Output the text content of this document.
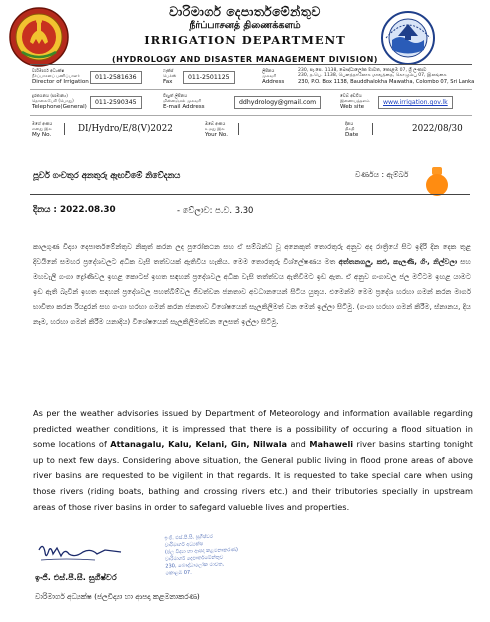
වාරිමාර්ග දෙපාර්තමේන්තුව
நீர்ப்பாசனத் திணைக்களம்
IRRIGATION DEPARTMENT
(HYDROLOGY AND DISASTER MANAGEMENT DIVISION)
වාරිමාර්ග අධ්‍යක්ෂ
நீர்ப்பாசனப் பணிப்பாளர்
Director of Irrigation
011-2581636
ෆැක්ස්
பெக்ஸ்
Fax
011-2501125
ලිපිනය
முகவரி
Address
230, පැ.පෙ. 1138, බෞද්ධාලෝක මාවත, කොළඹ 07, ශ්‍රී ලංකාව
230, த.பெ. 1138, பௌத்தாலோக மாவத்தை, கொழும்பு 07, இலங்கை
230, P.O. Box 1138, Bauddhalokha Mawatha, Colombo 07, Sri Lanka
දුරකථනය (සාමාන්‍ය)
தொலைபேசி (பொது)
Telephone(General)
011-2590345
විද්‍යුත් ලිපිනය
மின்னஞ்சல் முகவரி
E-mail Address
ddhydrology@gmail.com
වෙබ් අඩවිය
இணையத்தளம்
Web site
www.irrigation.gov.lk
මගේ අංකය
எனது இல
My No.
DI/Hydro/E/8(V)2022
ඔබේ අංකය
உமது இல
Your No.
දිනය
திகதி
Date
2022/08/30
පූර්ව ගංවතුර අනතුරු ඇඟවීමේ නිවේදනය	වර්ණය : ඇම්බර්
දිනය : 2022.08.30	- වේලාව: ප.ව. 3.30
කාලගුණ විද්‍යා දෙපාර්තමේන්තුව නිකුත් කරන ලද පුරෝකථන සහ ඒ සම්බන්ධ වූ අනෙකුත් තොරතුරු අනුව අද රාත්‍රියේ සිට ඉදිරි දින දෙක තුළ දිවයිනේ සමහර ප්‍රදේශවලට අධික වැසි තත්වයක් ඇතිවිය හැකිය. මෙම තොරතුරු විශ්ලේෂණය මත අත්තනගලු, කළු, කැලණි, ගිං, නිල්වලා සහ මහවැලි ගංගා ද්‍රෝණිවල ඉහළ කොටස් ඉහත සඳහන් ප්‍රදේශවල අධික වැසි තත්ත්වය ඇතිවීමට ඉඩ ඇත. ඒ අනුව ගංගාවල ජල මට්ටම ඉහළ යාමට ඉඩ ඇති බැවින් ඉහත සඳහන් ප්‍රදේශවල පහත්බිම්වල ජීවත්වන ජනතාව අවධානයෙන් සිටිය යුතුය. එමෙන්ම මෙම ප්‍රදේශ හරහා ගමන් කරන මාර්ග භාවිතා කරන රියදුරන් සහ ගංගා හරහා ගමන් කරන ජනතාව විශේෂයෙන් සැලකිලිමත් වන මෙන් ඉල්ලා සිටිමු. (ගංගා හරහා ගමන් කිරීම, ස්නානය, දිය නෑම, හරහා ගමන් කිරීම යනාදිය) විශේෂයෙන් සැලකිලිමත්වන ලෙසත් ඉල්ලා සිටිමු.
As per the weather advisories issued by Department of Meteorology and information available regarding predicted weather conditions, it is impressed that there is a possibility of occuring a flood situation in some locations of Attanagalu, Kalu, Kelani, Gin, Nilwala and Mahaweli river basins starting tonight up to next few days. Considering above situation, the General public living in flood prone areas of above river basins are requested to be vigilent in that regards. It is requested to take special care when using those rivers (riding boats, bathing and crossing rivers etc.) and their tributories specially in upstream areas of those river basins in order to safegard valueble lives and properties.
ඉංජි. එස්.පී.සී. සුගීෂ්වර
වාරිමාර්ග අධ්‍යක්ෂ
(ජල විද්‍යා හා ආපදා කළමනාකරණ)
වාරිමාර්ග දෙපාර්තමේන්තුව
230, බෞද්ධාලෝක මාවත,
කොළඹ 07.
ඉංජි. එස්.පී.සී. සුගීෂ්වර
වාරිමාර්ග අධ්‍යක්ෂ (ජලවිද්‍යා හා ආපදා කළමනාකරණ)
